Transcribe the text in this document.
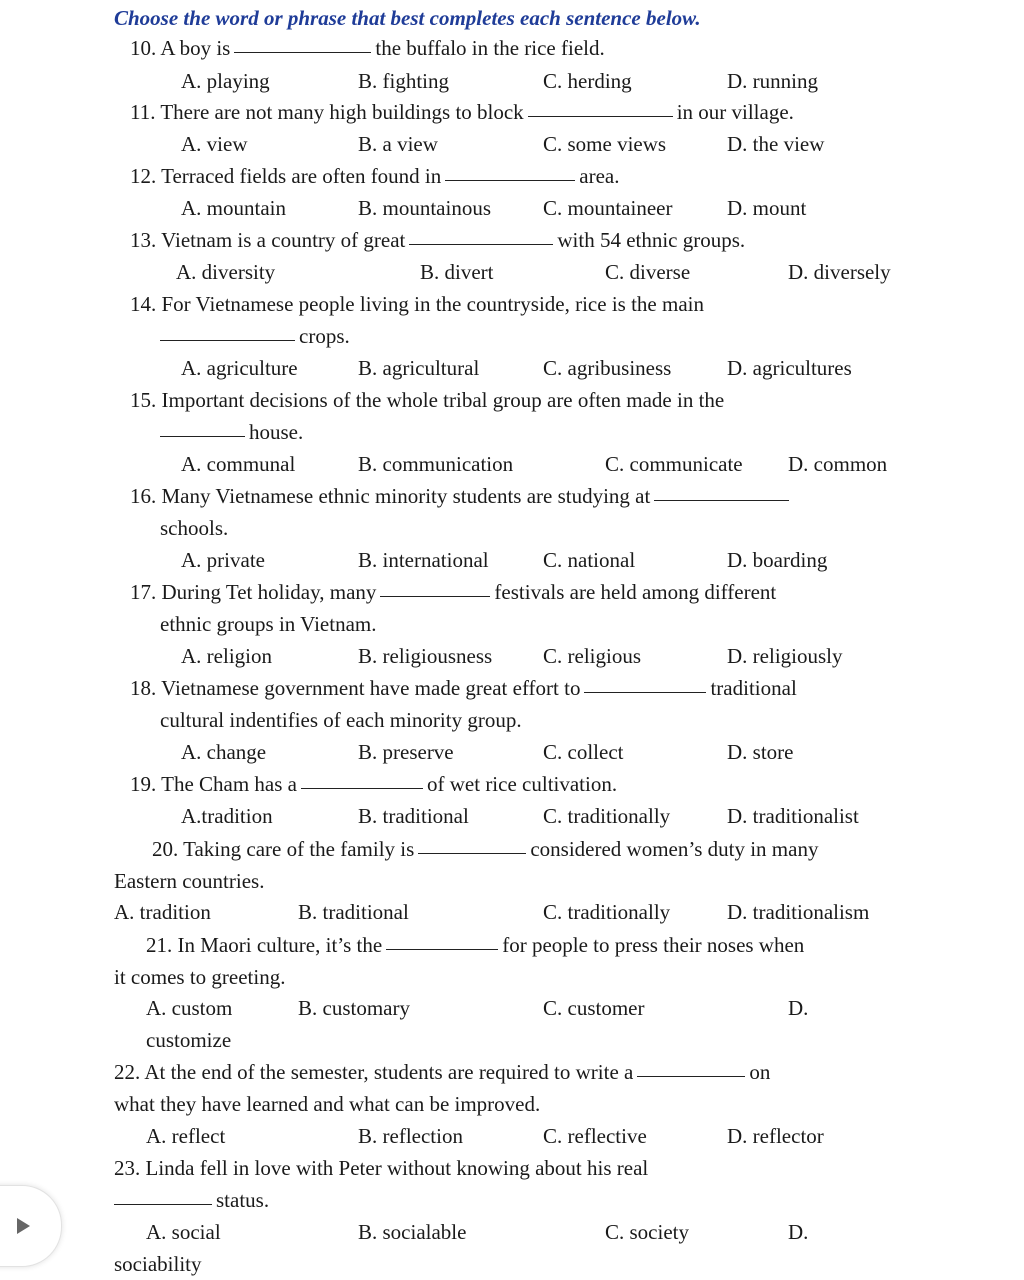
Choose the word or phrase that best completes each sentence below.
10. A boy is	the buffalo in the rice field.
A. playing	B. fighting	C. herding	D. running
11. There are not many high buildings to block	in our village.
A. view	B. a view	C. some views	D. the view
12. Terraced fields are often found in	area.
A. mountain	B. mountainous C. mountaineer	D. mount
13. Vietnam is a country of great	with 54 ethnic groups.
A. diversity	B. divert	C. diverse	D. diversely
14. For Vietnamese people living in the countryside, rice is the main
crops.
A. agriculture	B. agricultural	C. agribusiness	D. agricultures
15. Important decisions of the whole tribal group are often made in the
house.
A. communal	B. communication	C. communicate D. common
16. Many Vietnamese ethnic minority students are studying at
schools.
A. private	B. international	C. national	D. boarding
17. During Tet holiday, many	festivals are held among different
ethnic groups in Vietnam.
A. religion	B. religiousness C. religious	D. religiously
18. Vietnamese government have made great effort to	traditional
cultural indentifies of each minority group.
A. change	B. preserve	C. collect	D. store
19. The Cham has a	of wet rice cultivation.
A.tradition	B. traditional	C. traditionally	D. traditionalist
20. Taking care of the family is	considered women’s duty in many
Eastern countries.
A. tradition	B. traditional	C. traditionally	D. traditionalism
21. In Maori culture, it’s the	for people to press their noses when
it comes to greeting.
A. custom	B. customary	C. customer	D.
customize
22. At the end of the semester, students are required to write a	on
what they have learned and what can be improved.
A. reflect	B. reflection	C. reflective	D. reflector
23. Linda fell in love with Peter without knowing about his real
status.
A. social	B. socialable	C. society	D.
sociability
